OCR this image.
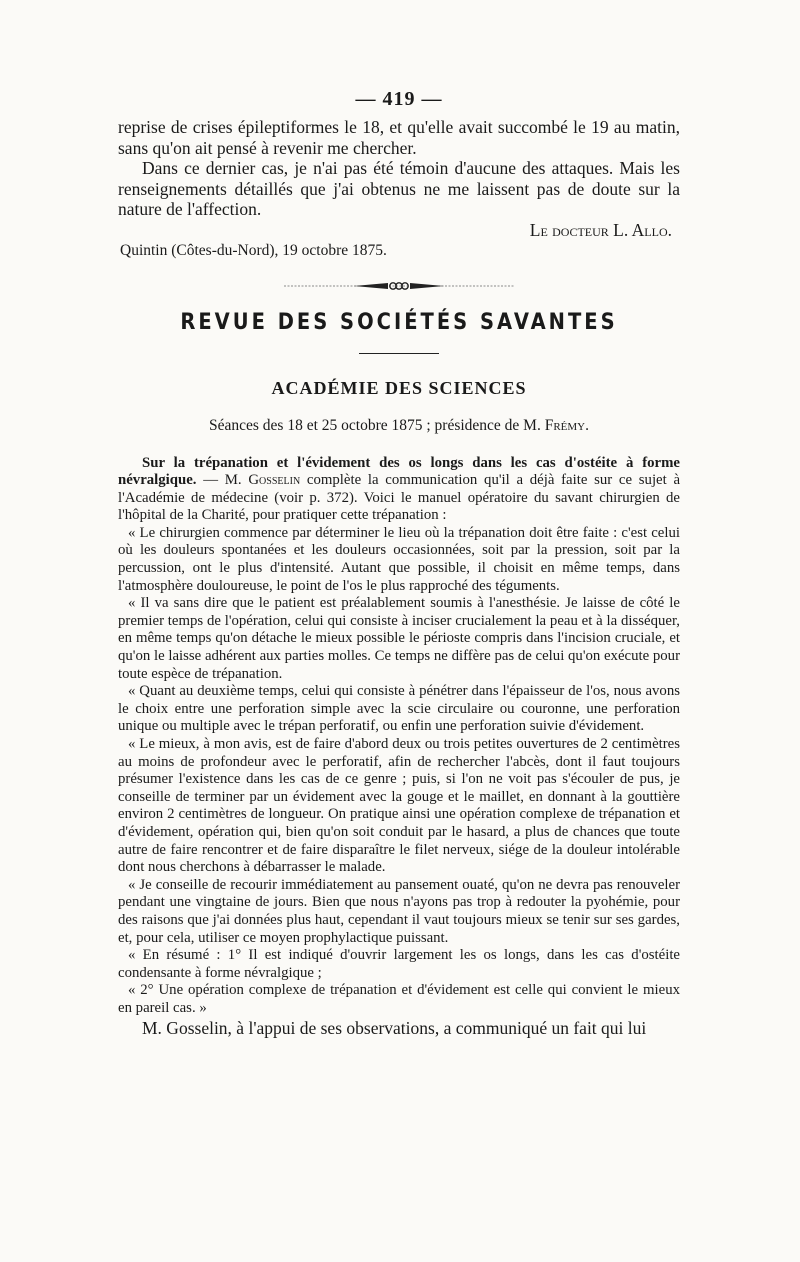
— 419 —

reprise de crises épileptiformes le 18, et qu'elle avait succombé le 19 au matin, sans qu'on ait pensé à revenir me chercher.

Dans ce dernier cas, je n'ai pas été témoin d'aucune des attaques. Mais les renseignements détaillés que j'ai obtenus ne me laissent pas de doute sur la nature de l'affection.

Le docteur L. Allo.

Quintin (Côtes-du-Nord), 19 octobre 1875.

REVUE DES SOCIÉTÉS SAVANTES
ACADÉMIE DES SCIENCES

Séances des 18 et 25 octobre 1875 ; présidence de M. Frémy.

Sur la trépanation et l'évidement des os longs dans les cas d'ostéite à forme névralgique. — M. Gosselin complète la communication qu'il a déjà faite sur ce sujet à l'Académie de médecine (voir p. 372). Voici le manuel opératoire du savant chirurgien de l'hôpital de la Charité, pour pratiquer cette trépanation :

« Le chirurgien commence par déterminer le lieu où la trépanation doit être faite : c'est celui où les douleurs spontanées et les douleurs occasionnées, soit par la pression, soit par la percussion, ont le plus d'intensité. Autant que possible, il choisit en même temps, dans l'atmosphère douloureuse, le point de l'os le plus rapproché des téguments.

« Il va sans dire que le patient est préalablement soumis à l'anesthésie. Je laisse de côté le premier temps de l'opération, celui qui consiste à inciser crucialement la peau et à la disséquer, en même temps qu'on détache le mieux possible le périoste compris dans l'incision cruciale, et qu'on le laisse adhérent aux parties molles. Ce temps ne diffère pas de celui qu'on exécute pour toute espèce de trépanation.

« Quant au deuxième temps, celui qui consiste à pénétrer dans l'épaisseur de l'os, nous avons le choix entre une perforation simple avec la scie circulaire ou couronne, une perforation unique ou multiple avec le trépan perforatif, ou enfin une perforation suivie d'évidement.

« Le mieux, à mon avis, est de faire d'abord deux ou trois petites ouvertures de 2 centimètres au moins de profondeur avec le perforatif, afin de rechercher l'abcès, dont il faut toujours présumer l'existence dans les cas de ce genre ; puis, si l'on ne voit pas s'écouler de pus, je conseille de terminer par un évidement avec la gouge et le maillet, en donnant à la gouttière environ 2 centimètres de longueur. On pratique ainsi une opération complexe de trépanation et d'évidement, opération qui, bien qu'on soit conduit par le hasard, a plus de chances que toute autre de faire rencontrer et de faire disparaître le filet nerveux, siége de la douleur intolérable dont nous cherchons à débarrasser le malade.

« Je conseille de recourir immédiatement au pansement ouaté, qu'on ne devra pas renouveler pendant une vingtaine de jours. Bien que nous n'ayons pas trop à redouter la pyohémie, pour des raisons que j'ai données plus haut, cependant il vaut toujours mieux se tenir sur ses gardes, et, pour cela, utiliser ce moyen prophylactique puissant.

« En résumé : 1° Il est indiqué d'ouvrir largement les os longs, dans les cas d'ostéite condensante à forme névralgique ;

« 2° Une opération complexe de trépanation et d'évidement est celle qui convient le mieux en pareil cas. »

M. Gosselin, à l'appui de ses observations, a communiqué un fait qui lui
